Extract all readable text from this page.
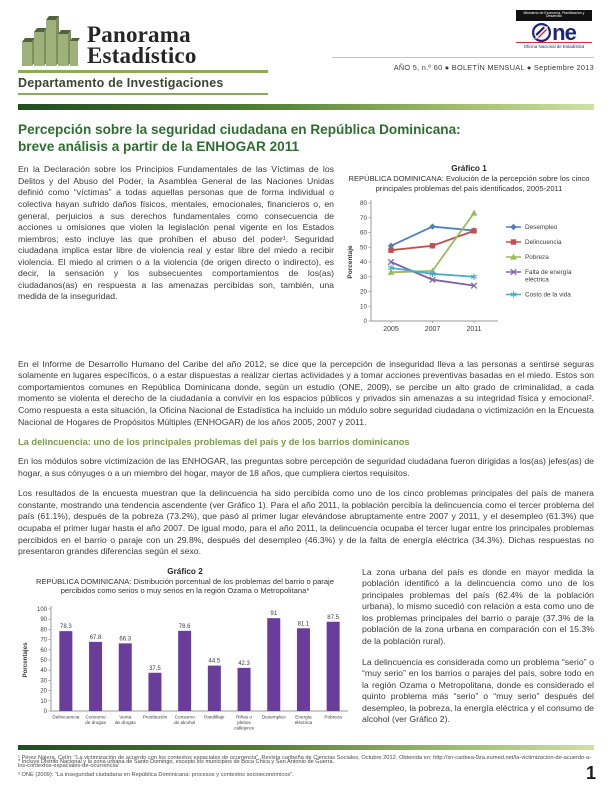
Panorama
Estadístico
Departamento de Investigaciones
Ministerio de Economía, Planificación y Desarrollo
ne
Oficina Nacional de Estadística
AÑO 5, n.º 60 ● BOLETÍN MENSUAL ● Septiembre 2013
Percepción sobre la seguridad ciudadana en República Dominicana:
breve análisis a partir de la ENHOGAR 2011

En la Declaración sobre los Principios Fundamentales de las Víctimas de los Delitos y del Abuso del Poder, la Asamblea General de las Naciones Unidas definió como “víctimas” a todas aquellas personas que de forma individual o colectiva hayan sufrido daños físicos, mentales, emocionales, financieros o, en general, perjuicios a sus derechos fundamentales como consecuencia de acciones u omisiones que violen la legislación penal vigente en los Estados miembros; esto incluye las que prohíben el abuso del poder¹. Seguridad ciudadana implica estar libre de violencia real y estar libre del miedo a recibir violencia. El miedo al crimen o a la violencia (de origen directo o indirecto), es decir, la sensación y los subsecuentes comportamientos de los(as) ciudadanos(as) en respuesta a las amenazas percibidas son, también, una medida de la inseguridad.

Gráfico 1
REPÚBLICA DOMINICANA: Evolución de la percepción sobre los cinco principales problemas del país identificados, 2005-2011
0
10
20
30
40
50
60
70
80
Porcentaje
2005	2007	2011
Desempleo
Delincuencia
Pobreza
Falta de energía
eléctrica
Costo de la vida

En el Informe de Desarrollo Humano del Caribe del año 2012, se dice que la percepción de inseguridad lleva a las personas a sentirse seguras solamente en lugares específicos, o a estar dispuestas a realizar ciertas actividades y a tomar acciones preventivas basadas en el miedo. Estos son comportamientos comunes en República Dominicana donde, según un estudio (ONE, 2009), se percibe un alto grado de criminalidad, a cada momento se violenta el derecho de la ciudadanía a convivir en los espacios públicos y privados sin amenazas a su integridad física y emocional². Como respuesta a esta situación, la Oficina Nacional de Estadística ha incluido un módulo sobre seguridad ciudadana o victimización en la Encuesta Nacional de Hogares de Propósitos Múltiples (ENHOGAR) de los años 2005, 2007 y 2011.

La delincuencia: uno de los principales problemas del país y de los barrios dominicanos

En los módulos sobre victimización de las ENHOGAR, las preguntas sobre percepción de seguridad ciudadana fueron dirigidas a los(as) jefes(as) de hogar, a sus cónyuges o a un miembro del hogar, mayor de 18 años, que cumpliera ciertos requisitos.

Los resultados de la encuesta muestran que la delincuencia ha sido percibida como uno de los cinco problemas principales del país de manera constante, mostrando una tendencia ascendente (ver Gráfico 1). Para el año 2011, la población percibía la delincuencia como el tercer problema del país (61.1%), después de la pobreza (73.2%), que pasó al primer lugar elevándose abruptamente entre 2007 y 2011, y el desempleo (61.3%) que ocupaba el primer lugar hasta el año 2007. De igual modo, para el año 2011, la delincuencia ocupaba el tercer lugar entre los principales problemas percibidos en el barrio o paraje con un 29.8%, después del desempleo (46.3%) y de la falta de energía eléctrica (34.3%). Dichas respuestas no presentaron grandes diferencias según el sexo.

Gráfico 2
REPÚBLICA DOMINICANA: Distribución porcentual de los problemas del barrio o paraje percibidos como serios o muy serios en la región Ozama o Metropolitana*
0
10
20
30
40
50
60
70
80
90
100
Porcentajes
78.3
Delincuencia
67.8
Consumo
de drogas
66.3
Venta
de drogas
37.5
Prostitución
78.6
Consumo
de alcohol
44.5
Pandillaje
42.3
Riñas o
pleitos
callejeros
91
Desempleo
81.1
Energía
eléctrica
87.5
Pobreza
* Incluye Distrito Nacional y la zona urbana de Santo Domingo, excepto los municipios de Boca Chica y San Antonio de Guerra.

La zona urbana del país es donde en mayor medida la población identificó a la delincuencia como uno de los principales problemas del país (62.4% de la población urbana), lo mismo sucedió con relación a esta como uno de los problemas principales del barrio o paraje (37.3% de la población de la zona urbana en comparación con el 15.3% de la población rural).

La delincuencia es considerada como un problema “serio” o “muy serio” en los barrios o parajes del país, sobre todo en la región Ozama o Metropolitana, donde es considerado el quinto problema más “serio” o “muy serio” después del desempleo, la pobreza, la energía eléctrica y el consumo de alcohol (ver Gráfico 2).

¹ Pérez Nájera, Celín: “La victimización de acuerdo con los contextos espaciales de ocurrencia”. Revista caribeña de Ciencias Sociales, Octubre 2012. Obtenida en: http://xn-caribea-9za.eumed.net/la-victimizacion-de-acuerdo-a-los-contextos-espaciales-de-ocurrencia/
² ONE (2009): “La inseguridad ciudadana en República Dominicana: procesos y contextos socioeconómicos”.	1
